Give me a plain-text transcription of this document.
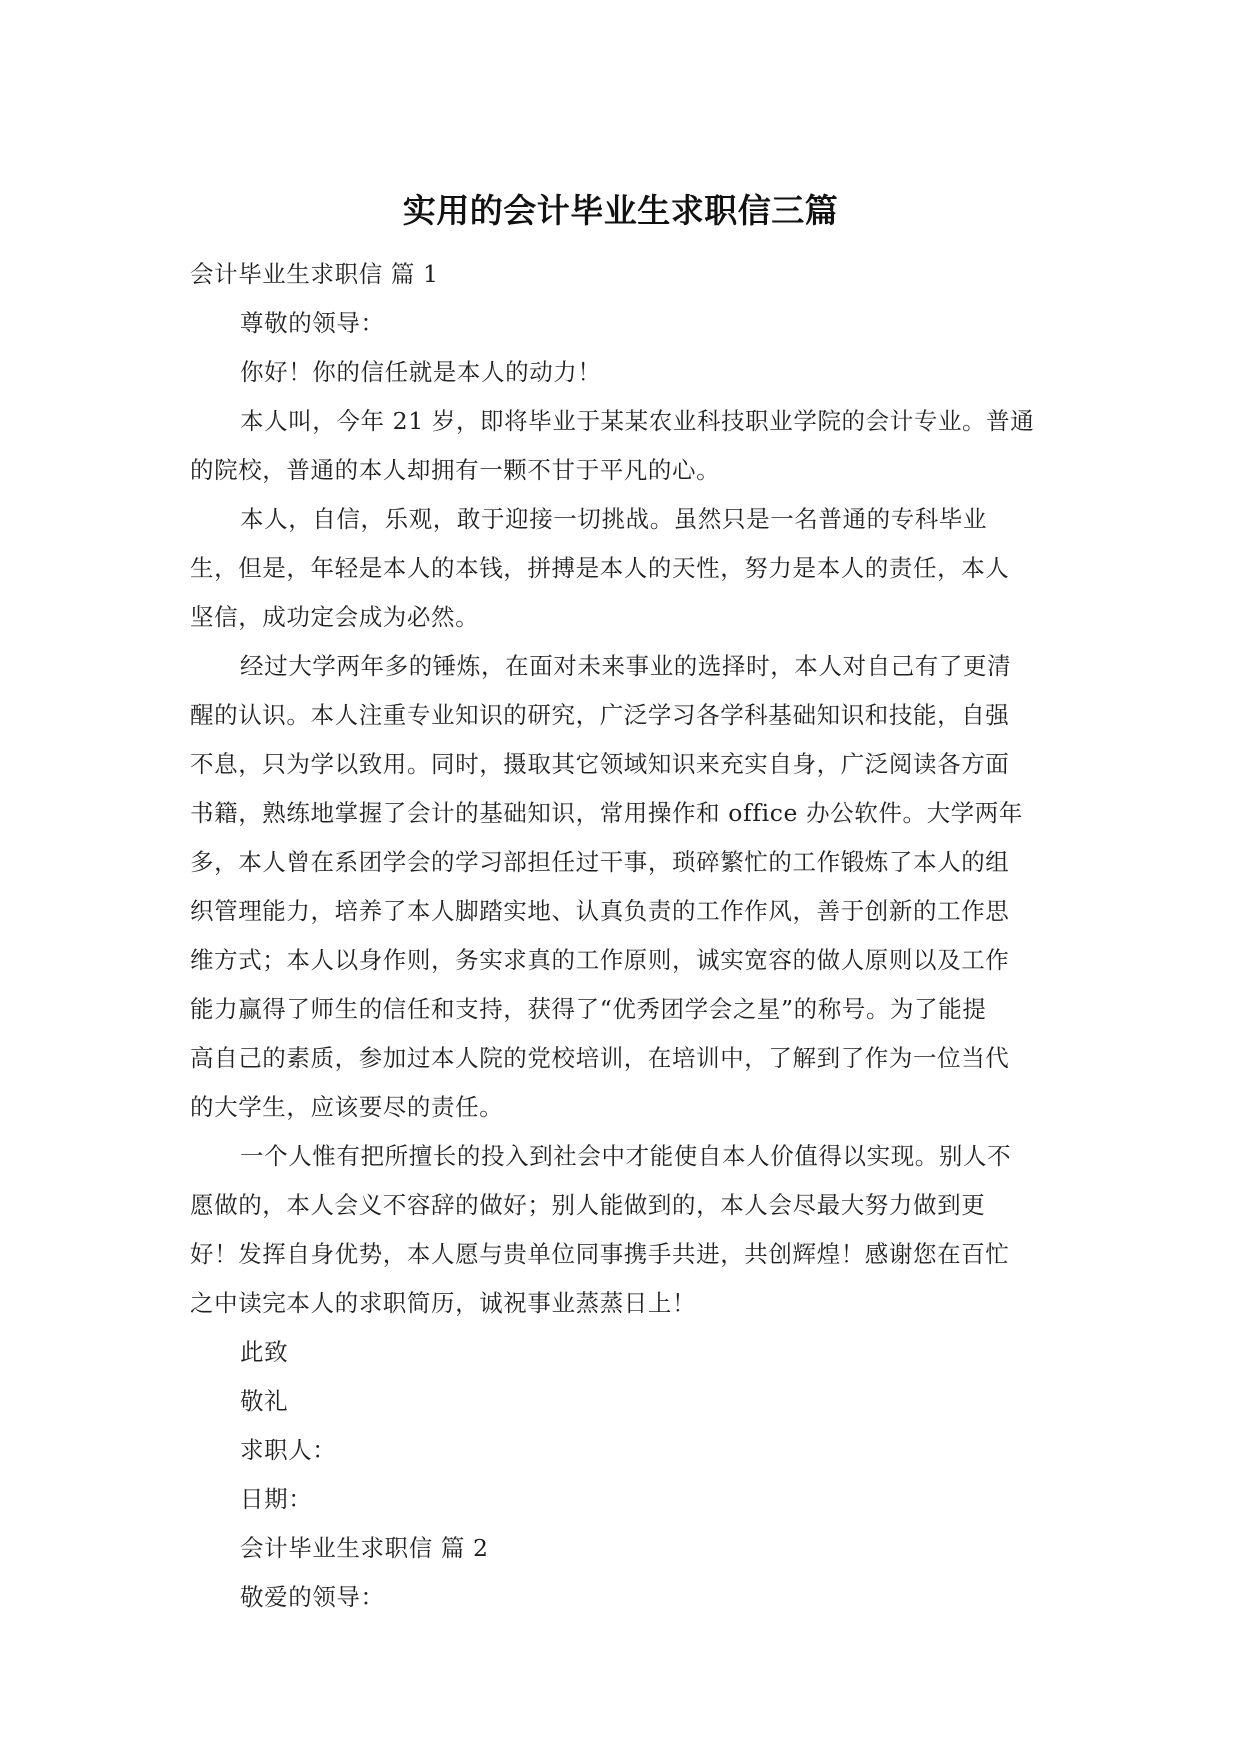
实用的会计毕业生求职信三篇
会计毕业生求职信 篇 1
尊敬的领导：
你好！你的信任就是本人的动力！
本人叫，今年 21 岁，即将毕业于某某农业科技职业学院的会计专业。普通
的院校，普通的本人却拥有一颗不甘于平凡的心。
本人，自信，乐观，敢于迎接一切挑战。虽然只是一名普通的专科毕业
生，但是，年轻是本人的本钱，拼搏是本人的天性，努力是本人的责任，本人
坚信，成功定会成为必然。
经过大学两年多的锤炼，在面对未来事业的选择时，本人对自己有了更清
醒的认识。本人注重专业知识的研究，广泛学习各学科基础知识和技能，自强
不息，只为学以致用。同时，摄取其它领域知识来充实自身，广泛阅读各方面
书籍，熟练地掌握了会计的基础知识，常用操作和 office 办公软件。大学两年
多，本人曾在系团学会的学习部担任过干事，琐碎繁忙的工作锻炼了本人的组
织管理能力，培养了本人脚踏实地、认真负责的工作作风，善于创新的工作思
维方式；本人以身作则，务实求真的工作原则，诚实宽容的做人原则以及工作
能力赢得了师生的信任和支持，获得了“优秀团学会之星”的称号。为了能提
高自己的素质，参加过本人院的党校培训，在培训中，了解到了作为一位当代
的大学生，应该要尽的责任。
一个人惟有把所擅长的投入到社会中才能使自本人价值得以实现。别人不
愿做的，本人会义不容辞的做好；别人能做到的，本人会尽最大努力做到更
好！发挥自身优势，本人愿与贵单位同事携手共进，共创辉煌！感谢您在百忙
之中读完本人的求职简历，诚祝事业蒸蒸日上！
此致
敬礼
求职人：
日期：
会计毕业生求职信 篇 2
敬爱的领导：
